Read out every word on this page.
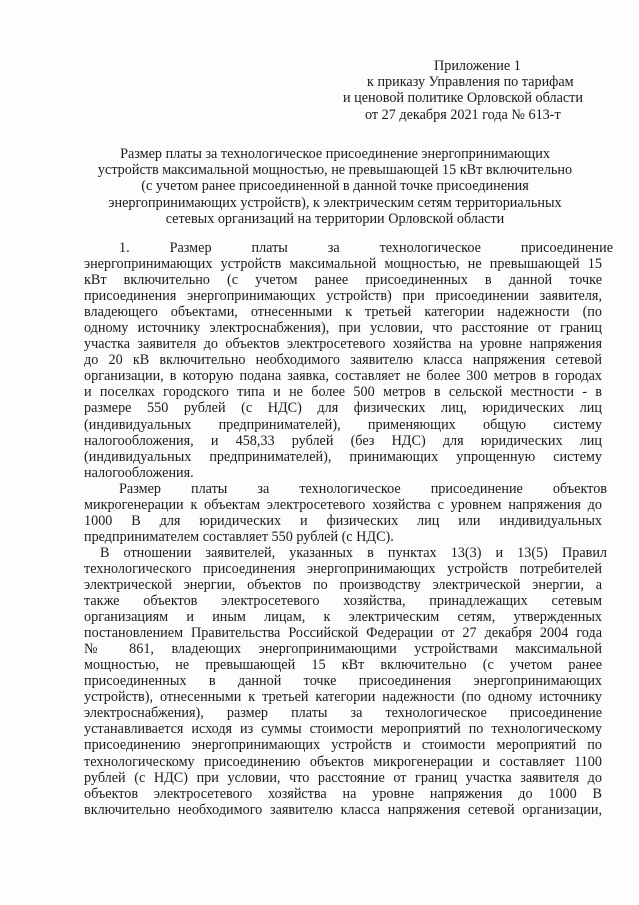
Приложение 1
к приказу Управления по тарифам
и ценовой политике Орловской области
от 27 декабря 2021 года № 613-т
Размер платы за технологическое присоединение энергопринимающих
устройств максимальной мощностью, не превышающей 15 кВт включительно
(с учетом ранее присоединенной в данной точке присоединения
энергопринимающих устройств), к электрическим сетям территориальных
сетевых организаций на территории Орловской области
1. Размер платы за технологическое присоединение
энергопринимающих устройств максимальной мощностью, не превышающей 15
кВт включительно (с учетом ранее присоединенных в данной точке
присоединения энергопринимающих устройств) при присоединении заявителя,
владеющего объектами, отнесенными к третьей категории надежности (по
одному источнику электроснабжения), при условии, что расстояние от границ
участка заявителя до объектов электросетевого хозяйства на уровне напряжения
до 20 кВ включительно необходимого заявителю класса напряжения сетевой
организации, в которую подана заявка, составляет не более 300 метров в городах
и поселках городского типа и не более 500 метров в сельской местности - в
размере 550 рублей (с НДС) для физических лиц, юридических лиц
(индивидуальных предпринимателей), применяющих общую систему
налогообложения, и 458,33 рублей (без НДС) для юридических лиц
(индивидуальных предпринимателей), принимающих упрощенную систему
налогообложения.
Размер платы за технологическое присоединение объектов
микрогенерации к объектам электросетевого хозяйства с уровнем напряжения до
1000 В для юридических и физических лиц или индивидуальных
предпринимателем составляет 550 рублей (с НДС).
В отношении заявителей, указанных в пунктах 13(3) и 13(5) Правил
технологического присоединения энергопринимающих устройств потребителей
электрической энергии, объектов по производству электрической энергии, а
также объектов электросетевого хозяйства, принадлежащих сетевым
организациям и иным лицам, к электрическим сетям, утвержденных
постановлением Правительства Российской Федерации от 27 декабря 2004 года
№ 861, владеющих энергопринимающими устройствами максимальной
мощностью, не превышающей 15 кВт включительно (с учетом ранее
присоединенных в данной точке присоединения энергопринимающих
устройств), отнесенными к третьей категории надежности (по одному источнику
электроснабжения), размер платы за технологическое присоединение
устанавливается исходя из суммы стоимости мероприятий по технологическому
присоединению энергопринимающих устройств и стоимости мероприятий по
технологическому присоединению объектов микрогенерации и составляет 1100
рублей (с НДС) при условии, что расстояние от границ участка заявителя до
объектов электросетевого хозяйства на уровне напряжения до 1000 В
включительно необходимого заявителю класса напряжения сетевой организации,
